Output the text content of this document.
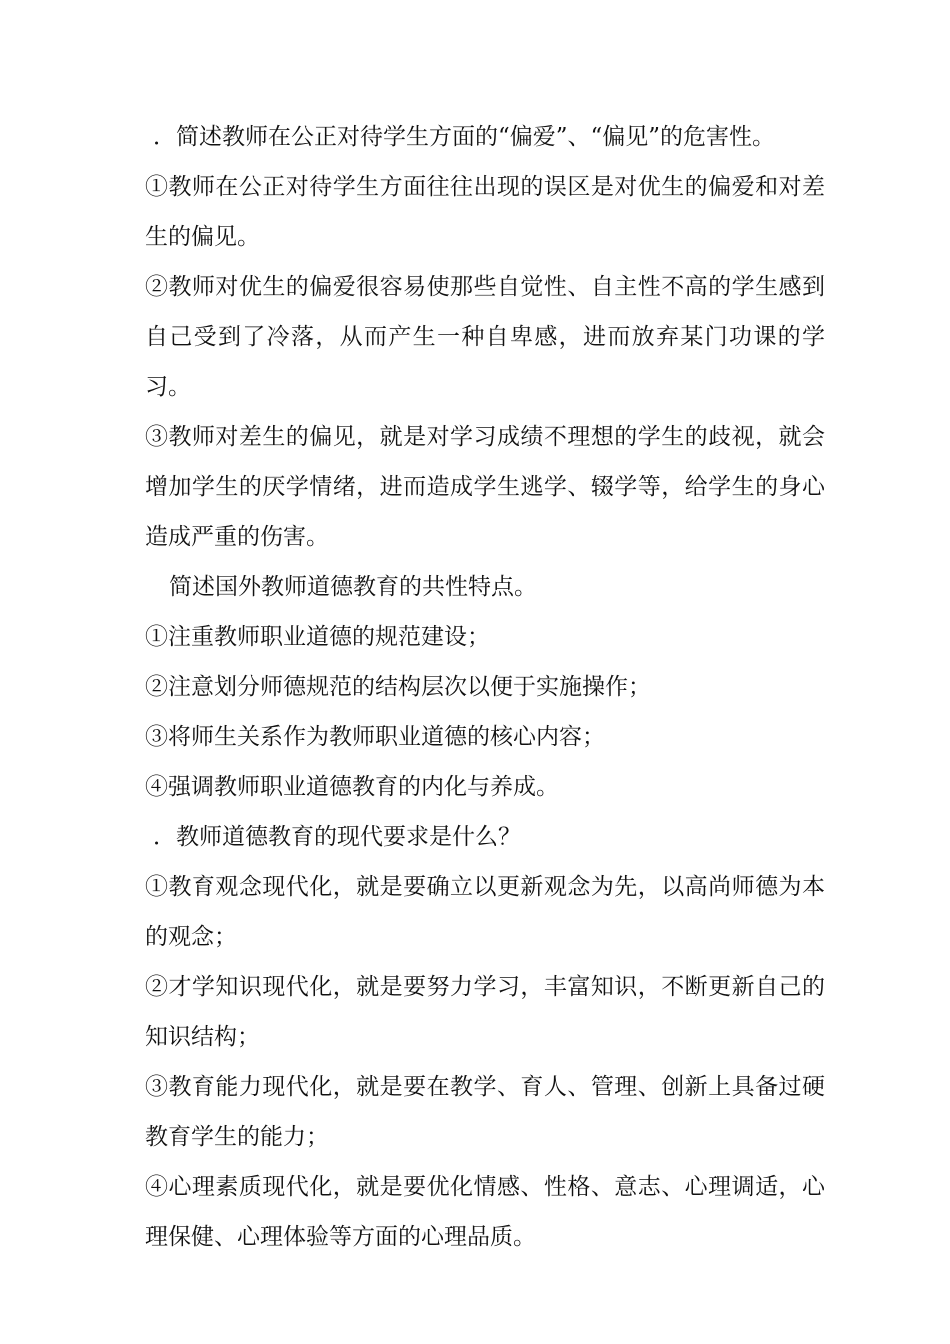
．简述教师在公正对待学生方面的“偏爱”、“偏见”的危害性。

①教师在公正对待学生方面往往出现的误区是对优生的偏爱和对差生的偏见。

②教师对优生的偏爱很容易使那些自觉性、自主性不高的学生感到自己受到了冷落，从而产生一种自卑感，进而放弃某门功课的学习。

③教师对差生的偏见，就是对学习成绩不理想的学生的歧视，就会增加学生的厌学情绪，进而造成学生逃学、辍学等，给学生的身心造成严重的伤害。

简述国外教师道德教育的共性特点。

①注重教师职业道德的规范建设；

②注意划分师德规范的结构层次以便于实施操作；

③将师生关系作为教师职业道德的核心内容；

④强调教师职业道德教育的内化与养成。

．教师道德教育的现代要求是什么？

①教育观念现代化，就是要确立以更新观念为先，以高尚师德为本的观念；

②才学知识现代化，就是要努力学习，丰富知识，不断更新自己的知识结构；

③教育能力现代化，就是要在教学、育人、管理、创新上具备过硬教育学生的能力；

④心理素质现代化，就是要优化情感、性格、意志、心理调适，心理保健、心理体验等方面的心理品质。
